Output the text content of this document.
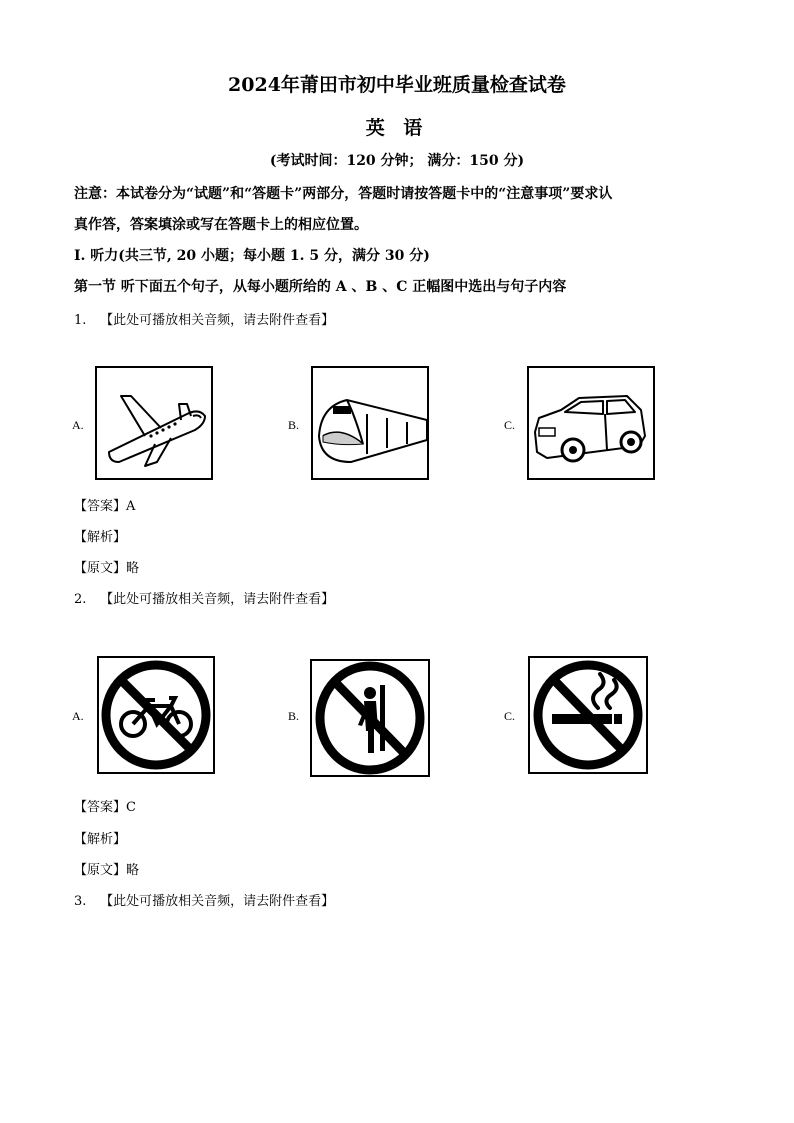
2024年莆田市初中毕业班质量检查试卷
英 语
(考试时间：120 分钟； 满分：150 分)
注意：本试卷分为“试题”和“答题卡”两部分，答题时请按答题卡中的“注意事项”要求认
真作答，答案填涂或写在答题卡上的相应位置。
I. 听力(共三节, 20 小题；每小题 1. 5 分，满分 30 分)
第一节 听下面五个句子，从每小题所给的 A 、B 、C 正幅图中选出与句子内容
1. 【此处可播放相关音频，请去附件查看】
A.	B.	C.
【答案】A
【解析】
【原文】略
2. 【此处可播放相关音频，请去附件查看】
A.	B.	C.
【答案】C
【解析】
【原文】略
3. 【此处可播放相关音频，请去附件查看】
